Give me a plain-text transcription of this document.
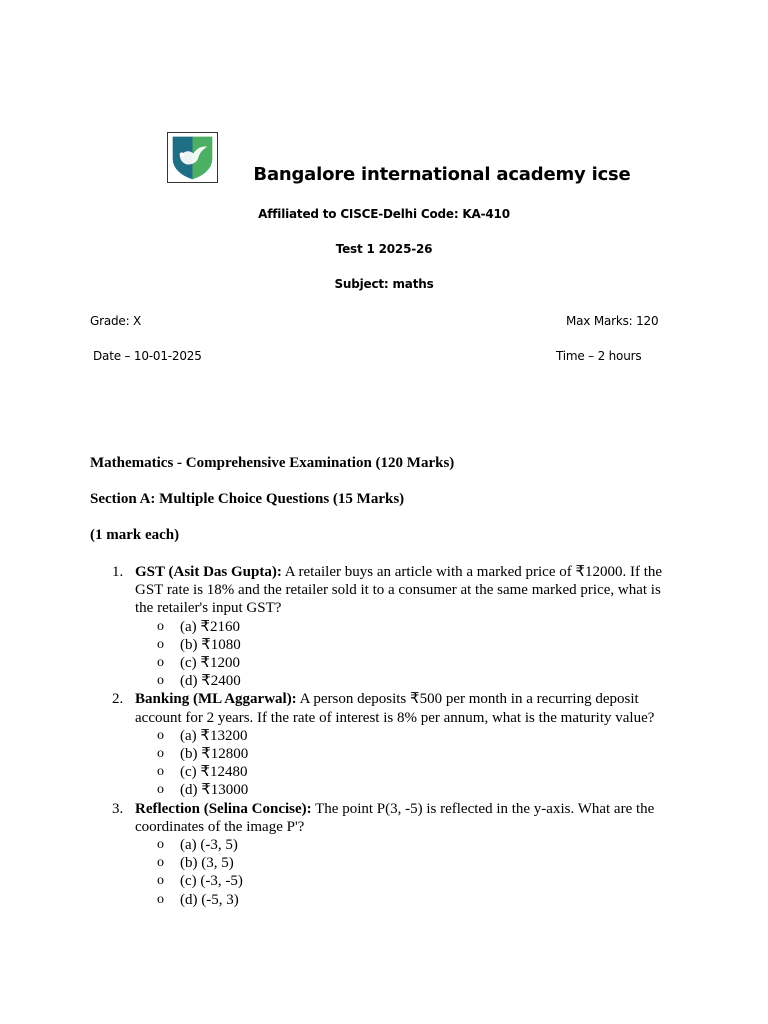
Bangalore international academy icse
Affiliated to CISCE-Delhi Code: KA-410
Test 1 2025-26
Subject: maths
Grade: X	Max Marks: 120
Date – 10-01-2025	Time – 2 hours
Mathematics - Comprehensive Examination (120 Marks)
Section A: Multiple Choice Questions (15 Marks)
(1 mark each)
1. GST (Asit Das Gupta): A retailer buys an article with a marked price of ₹12000. If the GST rate is 18% and the retailer sold it to a consumer at the same marked price, what is the retailer's input GST?
o (a) ₹2160
o (b) ₹1080
o (c) ₹1200
o (d) ₹2400
2. Banking (ML Aggarwal): A person deposits ₹500 per month in a recurring deposit account for 2 years. If the rate of interest is 8% per annum, what is the maturity value?
o (a) ₹13200
o (b) ₹12800
o (c) ₹12480
o (d) ₹13000
3. Reflection (Selina Concise): The point P(3, -5) is reflected in the y-axis. What are the coordinates of the image P'?
o (a) (-3, 5)
o (b) (3, 5)
o (c) (-3, -5)
o (d) (-5, 3)
